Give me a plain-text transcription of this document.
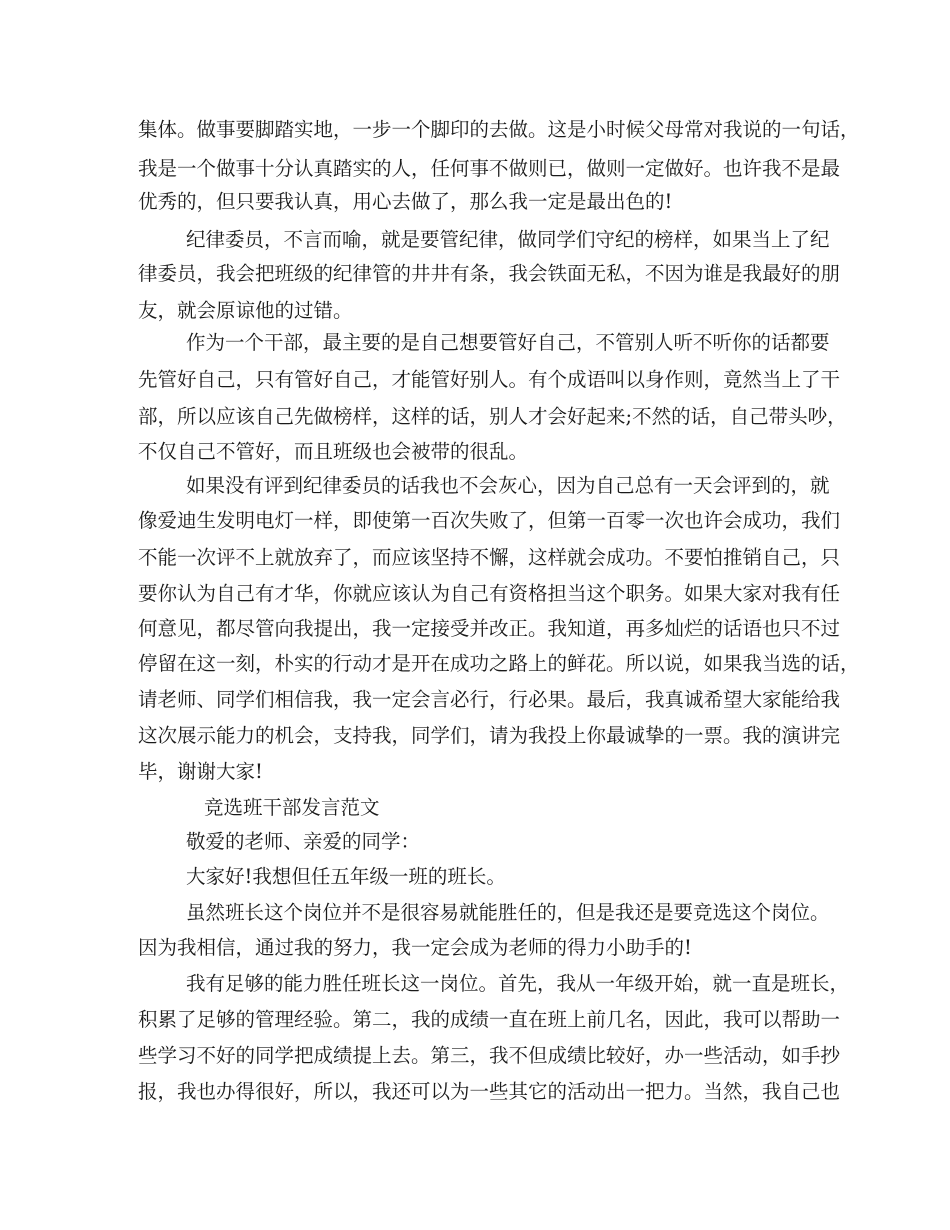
集体。做事要脚踏实地，一步一个脚印的去做。这是小时候父母常对我说的一句话，
我是一个做事十分认真踏实的人，任何事不做则已，做则一定做好。也许我不是最
优秀的，但只要我认真，用心去做了，那么我一定是最出色的!
纪律委员，不言而喻，就是要管纪律，做同学们守纪的榜样，如果当上了纪
律委员，我会把班级的纪律管的井井有条，我会铁面无私，不因为谁是我最好的朋
友，就会原谅他的过错。
作为一个干部，最主要的是自己想要管好自己，不管别人听不听你的话都要
先管好自己，只有管好自己，才能管好别人。有个成语叫以身作则，竟然当上了干
部，所以应该自己先做榜样，这样的话，别人才会好起来;不然的话，自己带头吵，
不仅自己不管好，而且班级也会被带的很乱。
如果没有评到纪律委员的话我也不会灰心，因为自己总有一天会评到的，就
像爱迪生发明电灯一样，即使第一百次失败了，但第一百零一次也许会成功，我们
不能一次评不上就放弃了，而应该坚持不懈，这样就会成功。不要怕推销自己，只
要你认为自己有才华，你就应该认为自己有资格担当这个职务。如果大家对我有任
何意见，都尽管向我提出，我一定接受并改正。我知道，再多灿烂的话语也只不过
停留在这一刻，朴实的行动才是开在成功之路上的鲜花。所以说，如果我当选的话，
请老师、同学们相信我，我一定会言必行，行必果。最后，我真诚希望大家能给我
这次展示能力的机会，支持我，同学们，请为我投上你最诚挚的一票。我的演讲完
毕，谢谢大家!
竞选班干部发言范文
敬爱的老师、亲爱的同学：
大家好!我想但任五年级一班的班长。
虽然班长这个岗位并不是很容易就能胜任的，但是我还是要竞选这个岗位。
因为我相信，通过我的努力，我一定会成为老师的得力小助手的!
我有足够的能力胜任班长这一岗位。首先，我从一年级开始，就一直是班长，
积累了足够的管理经验。第二，我的成绩一直在班上前几名，因此，我可以帮助一
些学习不好的同学把成绩提上去。第三，我不但成绩比较好，办一些活动，如手抄
报，我也办得很好，所以，我还可以为一些其它的活动出一把力。当然，我自己也
